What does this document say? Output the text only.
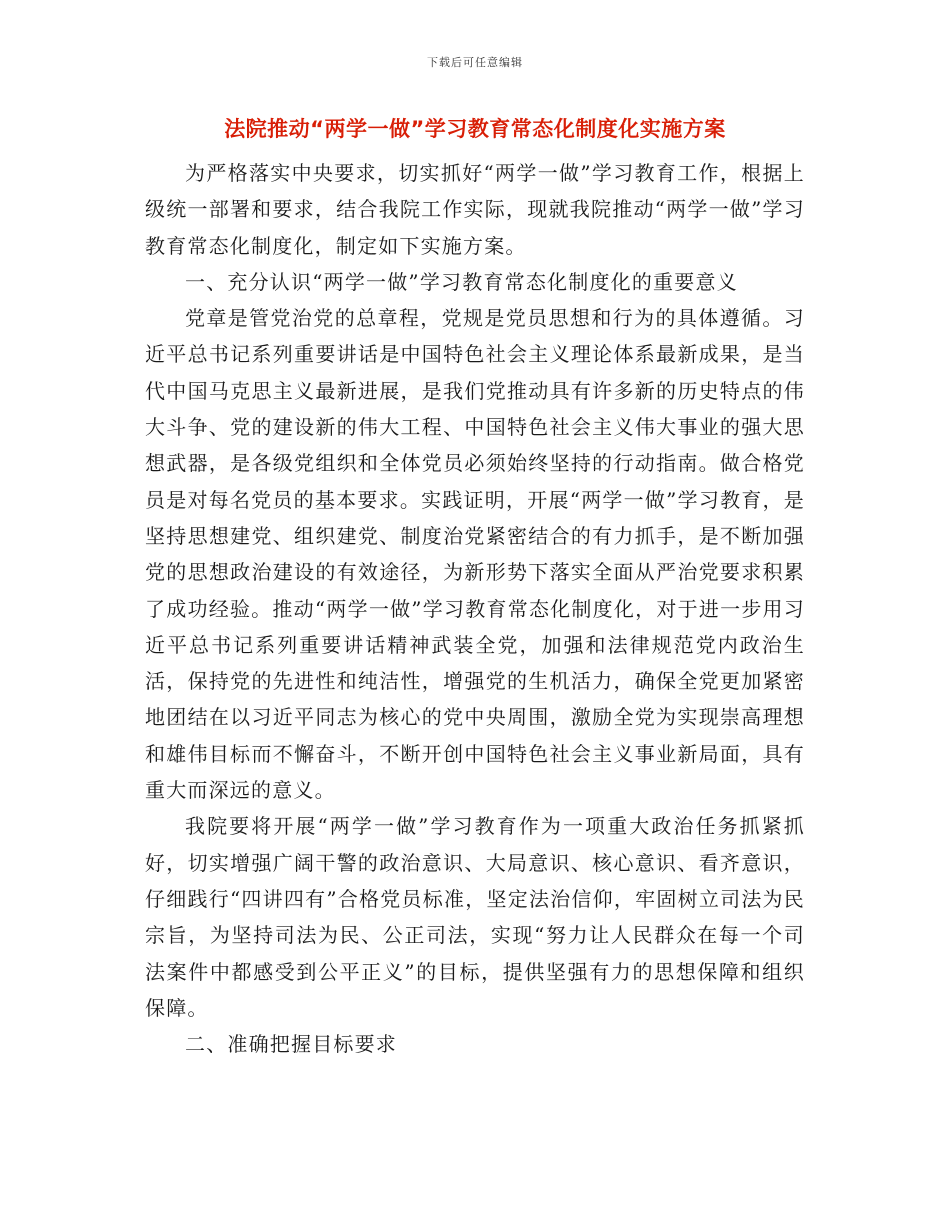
下载后可任意编辑
法院推动“两学一做”学习教育常态化制度化实施方案

为严格落实中央要求，切实抓好“两学一做”学习教育工作，根据上级统一部署和要求，结合我院工作实际，现就我院推动“两学一做”学习教育常态化制度化，制定如下实施方案。

一、充分认识“两学一做”学习教育常态化制度化的重要意义

党章是管党治党的总章程，党规是党员思想和行为的具体遵循。习近平总书记系列重要讲话是中国特色社会主义理论体系最新成果，是当代中国马克思主义最新进展，是我们党推动具有许多新的历史特点的伟大斗争、党的建设新的伟大工程、中国特色社会主义伟大事业的强大思想武器，是各级党组织和全体党员必须始终坚持的行动指南。做合格党员是对每名党员的基本要求。实践证明，开展“两学一做”学习教育，是坚持思想建党、组织建党、制度治党紧密结合的有力抓手，是不断加强党的思想政治建设的有效途径，为新形势下落实全面从严治党要求积累了成功经验。推动“两学一做”学习教育常态化制度化，对于进一步用习近平总书记系列重要讲话精神武装全党，加强和法律规范党内政治生活，保持党的先进性和纯洁性，增强党的生机活力，确保全党更加紧密地团结在以习近平同志为核心的党中央周围，激励全党为实现崇高理想和雄伟目标而不懈奋斗，不断开创中国特色社会主义事业新局面，具有重大而深远的意义。

我院要将开展“两学一做”学习教育作为一项重大政治任务抓紧抓好，切实增强广阔干警的政治意识、大局意识、核心意识、看齐意识，仔细践行“四讲四有”合格党员标准，坚定法治信仰，牢固树立司法为民宗旨，为坚持司法为民、公正司法，实现“努力让人民群众在每一个司法案件中都感受到公平正义”的目标，提供坚强有力的思想保障和组织保障。

二、准确把握目标要求
